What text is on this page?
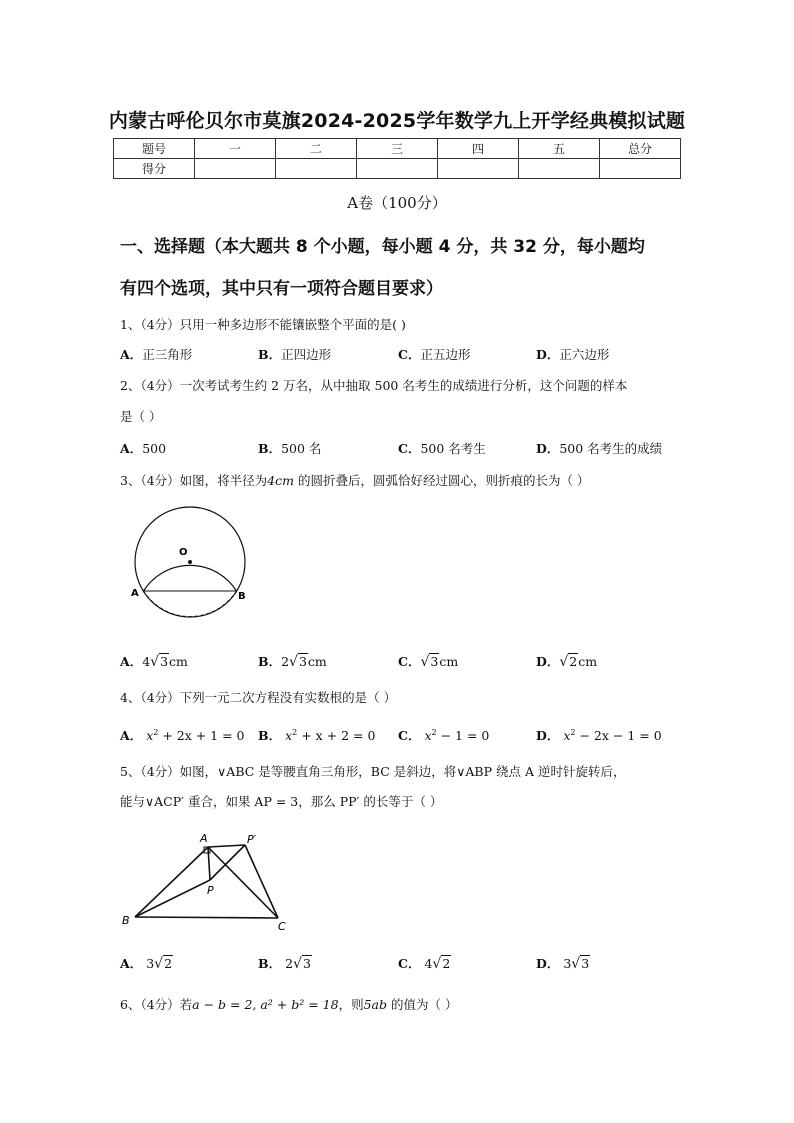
内蒙古呼伦贝尔市莫旗2024-2025学年数学九上开学经典模拟试题
题号	一	二	三	四	五	总分
得分						
A卷（100分）
一、选择题（本大题共 8 个小题，每小题 4 分，共 32 分，每小题均
有四个选项，其中只有一项符合题目要求）
1、（4分）只用一种多边形不能镶嵌整个平面的是( )
A．正三角形	B．正四边形	C．正五边形	D．正六边形
2、（4分）一次考试考生约 2 万名，从中抽取 500 名考生的成绩进行分析，这个问题的样本
是（ ）
A．500	B．500 名	C．500 名考生	D．500 名考生的成绩
3、（4分）如图，将半径为4cm 的圆折叠后，圆弧恰好经过圆心，则折痕的长为（ ）
O
A	B
A．4√3cm	B．2√3cm	C．√3cm	D．√2cm
4、（4分）下列一元二次方程没有实数根的是（ ）
A． $x^2 + 2x + 1 = 0$ B． $x^2 + x + 2 = 0$ C． $x^2 - 1 = 0$	D． $x^2 - 2x - 1 = 0$
5、（4分）如图，∨ABC 是等腰直角三角形，BC 是斜边，将∨ABP 绕点 A 逆时针旋转后，
能与∨ACP′ 重合，如果 AP = 3，那么 PP′ 的长等于（ ）
A	P′
P
B	C
A． 3√2	B． 2√3	C． 4√2	D． 3√3
6、（4分）若a − b = 2, a² + b² = 18，则5ab 的值为（ ）
